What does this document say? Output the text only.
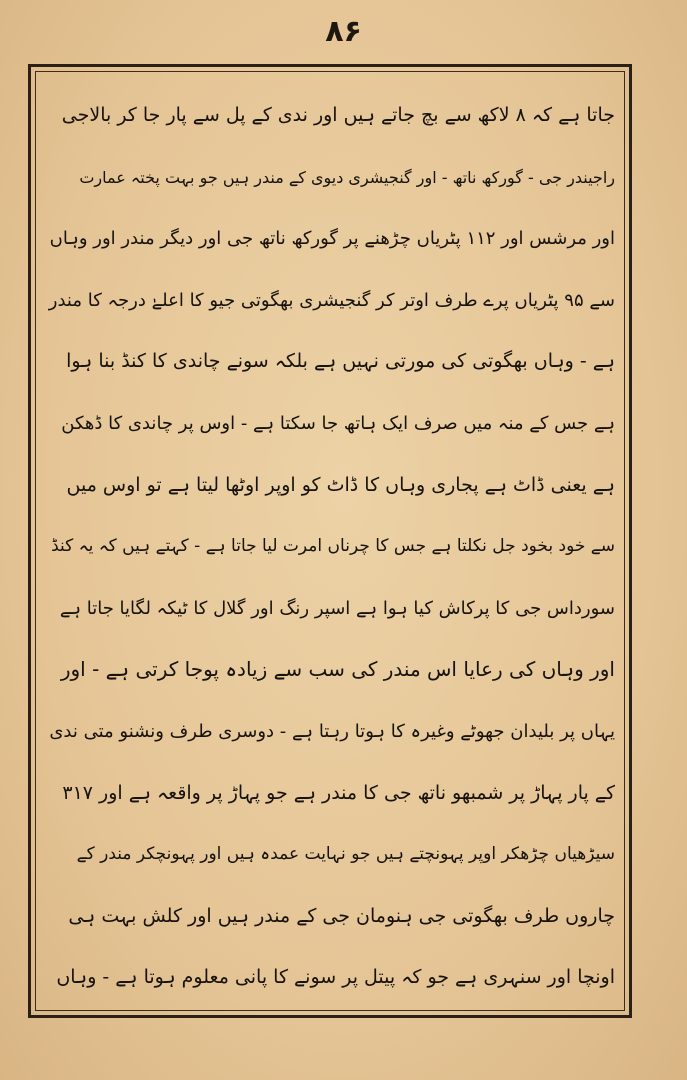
۸۶
جاتا ہے کہ ۸ لاکھ سے بچ جاتے ہیں اور ندی کے پل سے پار جا کر بالاجی
راجیندر جی - گورکھ ناتھ - اور گنجیشری دیوی کے مندر ہیں جو بہت پختہ عمارت
اور مرشس اور ۱۱۲ پٹریاں چڑھنے پر گورکھ ناتھ جی اور دیگر مندر اور وہاں
سے ۹۵ پٹریاں پرے طرف اوتر کر گنجیشری بھگوتی جیو کا اعلےٰ درجہ کا مندر
ہے - وہاں بھگوتی کی مورتی نہیں ہے بلکہ سونے چاندی کا کنڈ بنا ہوا
ہے جس کے منہ میں صرف ایک ہاتھ جا سکتا ہے - اوس پر چاندی کا ڈھکن
ہے یعنی ڈاٹ ہے پجاری وہاں کا ڈاٹ کو اوپر اوٹھا لیتا ہے تو اوس میں
سے خود بخود جل نکلتا ہے جس کا چرناں امرت لیا جاتا ہے - کہتے ہیں کہ یہ کنڈ
سورداس جی کا پرکاش کیا ہوا ہے اسپر رنگ اور گلال کا ٹیکہ لگایا جاتا ہے
اور وہاں کی رعایا اس مندر کی سب سے زیادہ پوجا کرتی ہے - اور
یہاں پر بلیدان جھوٹے وغیرہ کا ہوتا رہتا ہے - دوسری طرف ونشنو متی ندی
کے پار پہاڑ پر شمبھو ناتھ جی کا مندر ہے جو پہاڑ پر واقعہ ہے اور ۳۱۷
سیڑھیاں چڑھکر اوپر پہونچتے ہیں جو نہایت عمدہ ہیں اور پہونچکر مندر کے
چاروں طرف بھگوتی جی ہنومان جی کے مندر ہیں اور کلش بہت ہی
اونچا اور سنہری ہے جو کہ پیتل پر سونے کا پانی معلوم ہوتا ہے - وہاں
